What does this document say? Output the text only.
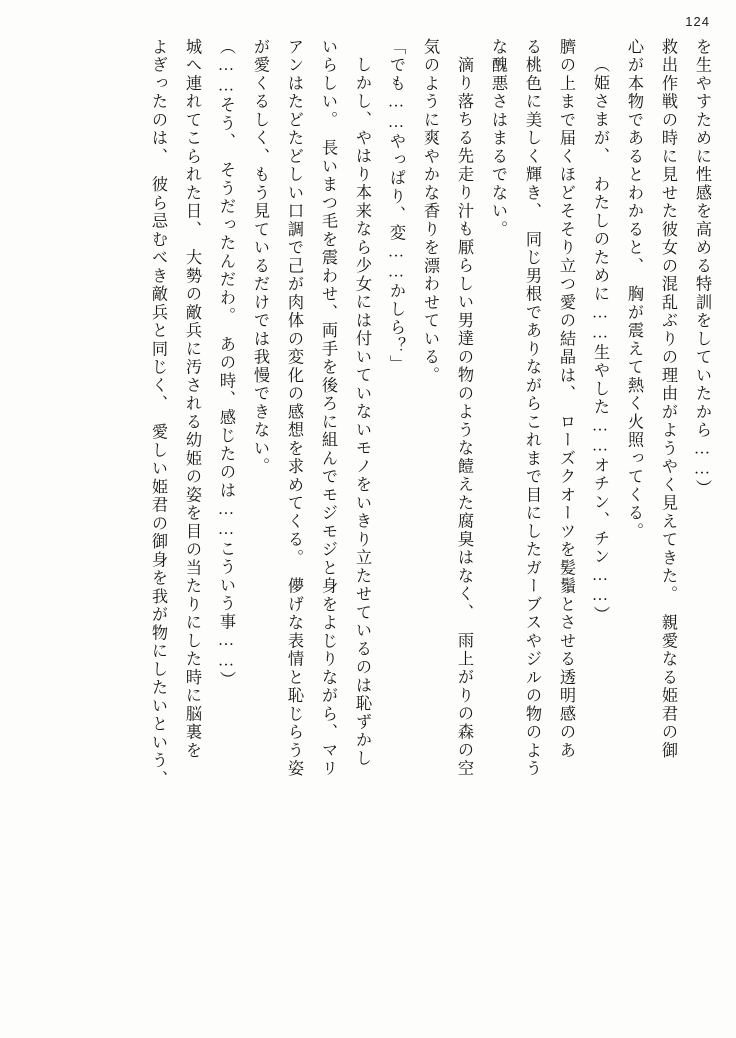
124
を生やすために性感を高める特訓をしていたから……）
救出作戦の時に見せた彼女の混乱ぶりの理由がようやく見えてきた。　親愛なる姫君の御
心が本物であるとわかると、　胸が震えて熱く火照ってくる。
（姫さまが、　わたしのために……生やした……オチン、チン……）
臍の上まで届くほどそそり立つ愛の結晶は、　ローズクオーツを髪鬚とさせる透明感のあ
る桃色に美しく輝き、　同じ男根でありながらこれまで目にしたガーブスやジルの物のよう
な醜悪さはまるでない。
滴り落ちる先走り汁も厭らしい男達の物のような饐えた腐臭はなく、　雨上がりの森の空
気のように爽やかな香りを漂わせている。
「でも……やっぱり、変……かしら？」
しかし、やはり本来なら少女には付いていないモノをいきり立たせているのは恥ずかし
いらしい。　長いまつ毛を震わせ、両手を後ろに組んでモジモジと身をよじりながら、マリ
アンはたどたどしい口調で己が肉体の変化の感想を求めてくる。　儚げな表情と恥じらう姿
が愛くるしく、もう見ているだけでは我慢できない。
（……そう、　そうだったんだわ。　あの時、感じたのは……こういう事……）
城へ連れてこられた日、　大勢の敵兵に汚される幼姫の姿を目の当たりにした時に脳裏を
よぎったのは、　彼ら忌むべき敵兵と同じく、　愛しい姫君の御身を我が物にしたいという、
